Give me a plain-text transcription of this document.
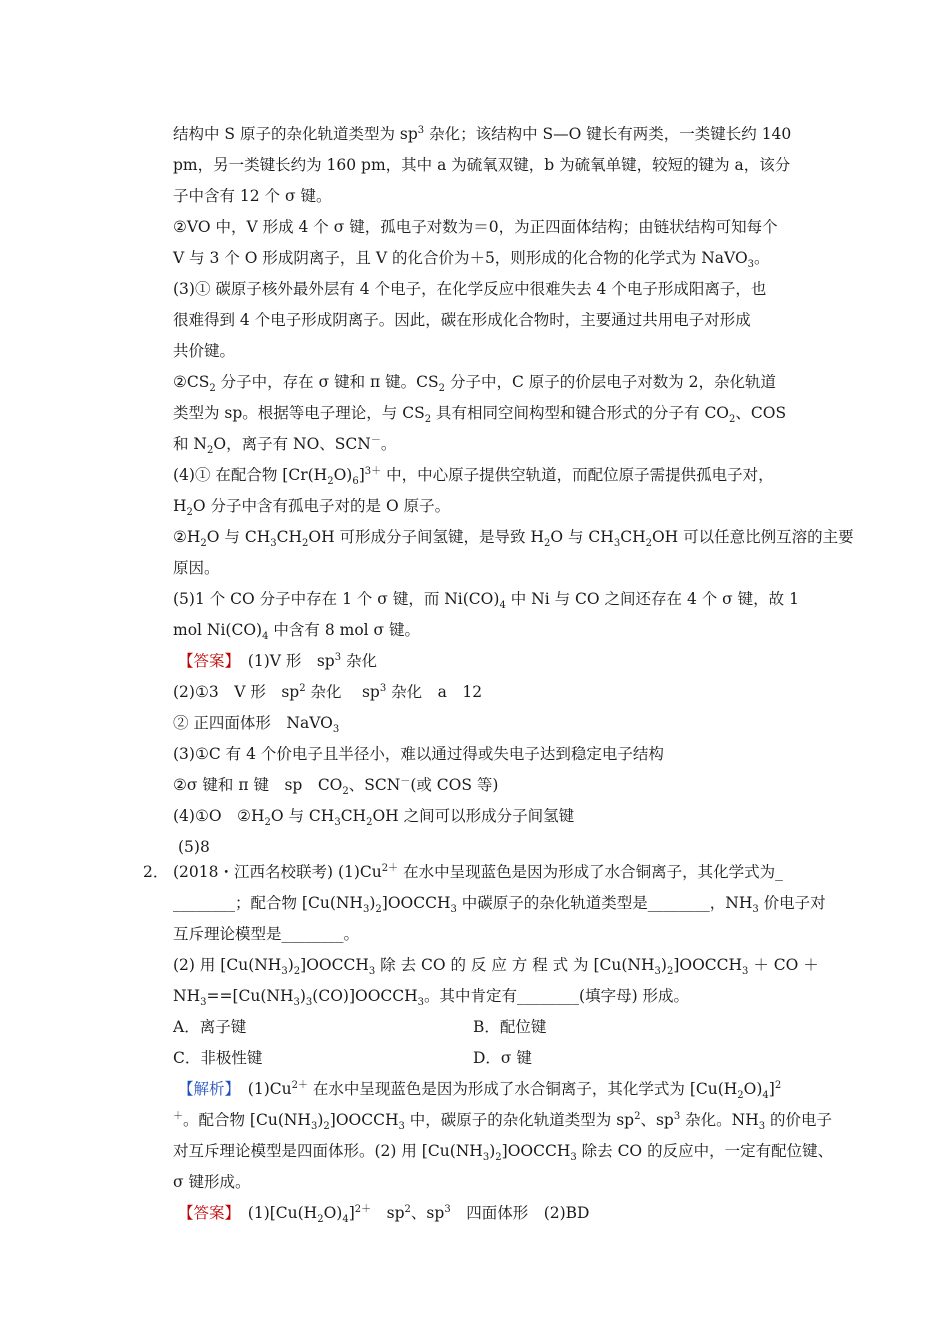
结构中 S 原子的杂化轨道类型为 $sp^3$ 杂化；该结构中 S—O 键长有两类，一类键长约 140
pm，另一类键长约为 160 pm，其中 a 为硫氧双键，b 为硫氧单键，较短的键为 a，该分
子中含有 12 个 σ 键。
②VO 中，V 形成 4 个 σ 键，孤电子对数为＝0，为正四面体结构；由链状结构可知每个
V 与 3 个 O 形成阴离子，且 V 的化合价为＋5，则形成的化合物的化学式为 NaVO$_3$。
(3)① 碳原子核外最外层有 4 个电子，在化学反应中很难失去 4 个电子形成阳离子，也
很难得到 4 个电子形成阴离子。因此，碳在形成化合物时，主要通过共用电子对形成
共价键。
$②CS_2$ 分子中，存在 σ 键和 π 键。$CS_2$ 分子中，C 原子的价层电子对数为 2，杂化轨道
类型为 sp。根据等电子理论，与 $CS_2$ 具有相同空间构型和键合形式的分子有 $CO_2$、COS
和 $N_2O$，离子有 NO、SCN－。
(4)① 在配合物 $[Cr(H_2O)_6]^{3+}$ 中，中心原子提供空轨道，而配位原子需提供孤电子对，
$H_2O$ 分子中含有孤电子对的是 O 原子。
$②H_2O$ 与 $CH_3CH_2OH$ 可形成分子间氢键，是导致 $H_2O$ 与 $CH_3CH_2OH$ 可以任意比例互溶的主要
原因。
(5)1 个 CO 分子中存在 1 个 σ 键，而 $Ni(CO)_4$ 中 Ni 与 CO 之间还存在 4 个 σ 键，故 1
mol $Ni(CO)_4$ 中含有 8 mol σ 键。
【答案】　 (1)V 形　$sp^3$ 杂化
(2)①3　V 形　$sp^2$ 杂化　 $sp^3$ 杂化　a　12
② 正四面体形　NaVO$_3$
(3)①C 有 4 个价电子且半径小，难以通过得或失电子达到稳定电子结构
②σ 键和 π 键　sp　$CO_2$、SCN－(或 COS 等)
(4)①O　$②H_2O$ 与 $CH_3CH_2OH$ 之间可以形成分子间氢键
(5)8
2． (2018・江西名校联考) $(1)Cu^{2+}$ 在水中呈现蓝色是因为形成了水合铜离子，其化学式为_
________；配合物 $[Cu(NH_3)_2]OOCCH_3$ 中碳原子的杂化轨道类型是________，$NH_3$ 价电子对
互斥理论模型是________。
(2) 用 $[Cu(NH_3)_2]OOCCH_3$ 除 去 CO 的 反 应 方 程 式 为 $[Cu(NH_3)_2]OOCCH_3$ ＋ CO ＋
$NH_3==[Cu(NH_3)_3(CO)]OOCCH_3$。其中肯定有________(填字母) 形成。
A．离子键	B．配位键
C．非极性键	D．σ 键
【解析】　 $(1)Cu^{2+}$ 在水中呈现蓝色是因为形成了水合铜离子，其化学式为 $[Cu(H_2O)_4]^2$
＋。配合物 $[Cu(NH_3)_2]OOCCH_3$ 中，碳原子的杂化轨道类型为 $sp^2$、$sp^3$ 杂化。$NH_3$ 的价电子
对互斥理论模型是四面体形。(2) 用 $[Cu(NH_3)_2]OOCCH_3$ 除去 CO 的反应中，一定有配位键、
σ 键形成。
【答案】　 $(1)[Cu(H_2O)_4]^{2+}$　$sp^2$、$sp^3$　四面体形　(2)BD
